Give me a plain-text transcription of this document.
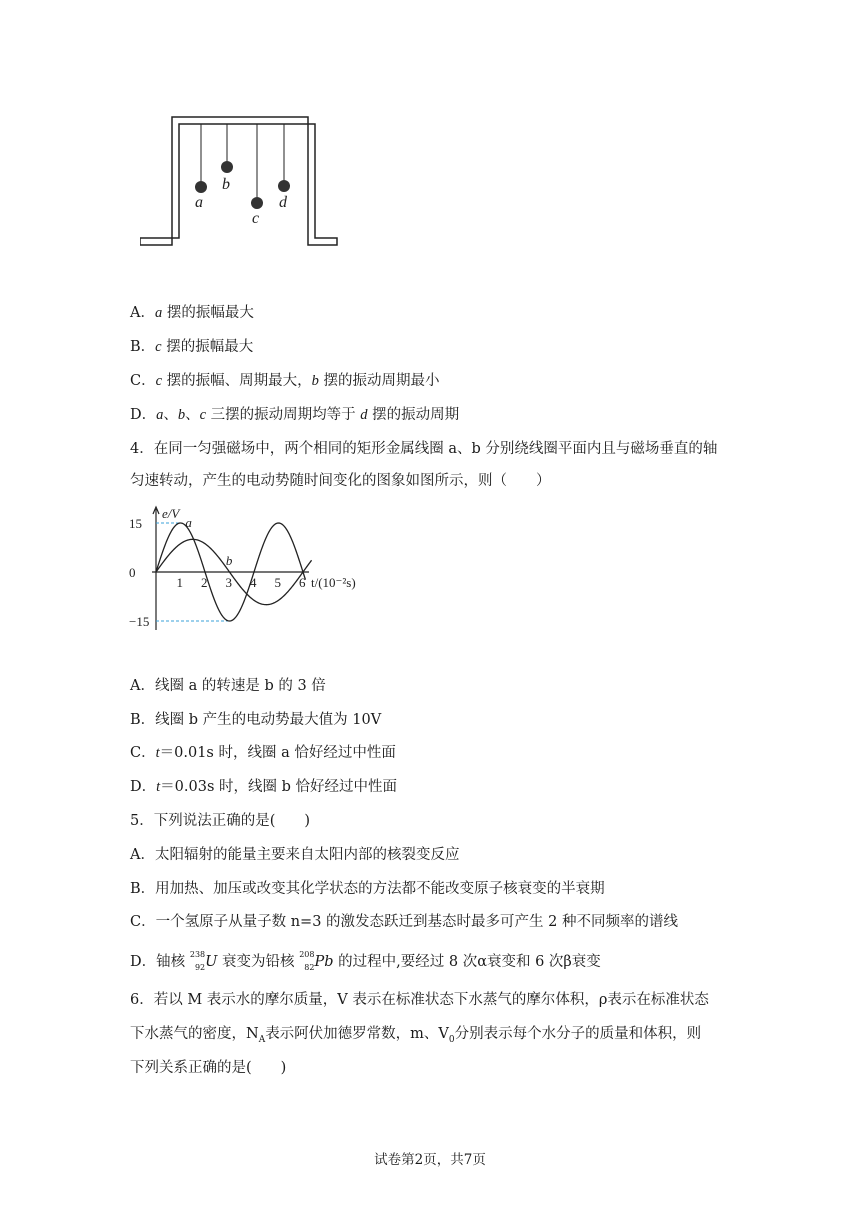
a
b
c
d
A．a 摆的振幅最大
B．c 摆的振幅最大
C．c 摆的振幅、周期最大，b 摆的振动周期最小
D．a、b、c 三摆的振动周期均等于 d 摆的振动周期
4．在同一匀强磁场中，两个相同的矩形金属线圈 a、b 分别绕线圈平面内且与磁场垂直的轴
匀速转动，产生的电动势随时间变化的图象如图所示，则（　　）
1 2 3 4 5 6
15
0
−15
e/V
t/(10⁻²s)
a
b
A．线圈 a 的转速是 b 的 3 倍
B．线圈 b 产生的电动势最大值为 10V
C．t＝0.01s 时，线圈 a 恰好经过中性面
D．t＝0.03s 时，线圈 b 恰好经过中性面
5．下列说法正确的是(　　)
A．太阳辐射的能量主要来自太阳内部的核裂变反应
B．用加热、加压或改变其化学状态的方法都不能改变原子核衰变的半衰期
C．一个氢原子从量子数 n=3 的激发态跃迁到基态时最多可产生 2 种不同频率的谱线
D．铀核 238
92 U 衰变为铅核 208
82 Pb 的过程中,要经过 8 次α衰变和 6 次β衰变
6．若以 M 表示水的摩尔质量，V 表示在标准状态下水蒸气的摩尔体积，ρ表示在标准状态
下水蒸气的密度，$N_A$表示阿伏加德罗常数，m、$V_0$分别表示每个水分子的质量和体积，则
下列关系正确的是(　　)
试卷第2页，共7页
